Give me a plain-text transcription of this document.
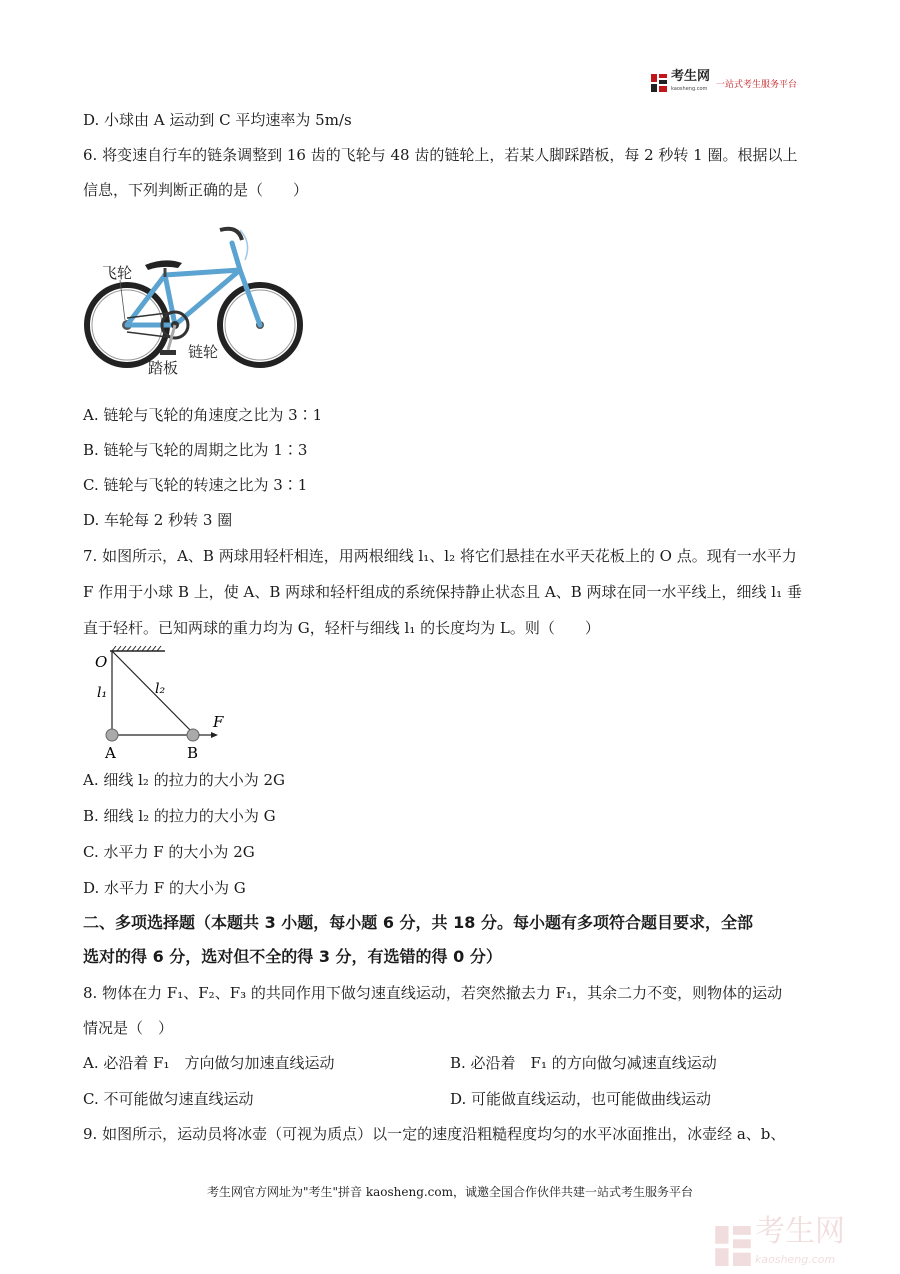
考生网
kaosheng.com 一站式考生服务平台
D. 小球由 A 运动到 C 平均速率为 5m/s
6. 将变速自行车的链条调整到 16 齿的飞轮与 48 齿的链轮上，若某人脚踩踏板，每 2 秒转 1 圈。根据以上
信息，下列判断正确的是（　　）
飞轮
链轮
踏板
A. 链轮与飞轮的角速度之比为 3∶1
B. 链轮与飞轮的周期之比为 1∶3
C. 链轮与飞轮的转速之比为 3∶1
D. 车轮每 2 秒转 3 圈
7. 如图所示，A、B 两球用轻杆相连，用两根细线 l₁、l₂ 将它们悬挂在水平天花板上的 O 点。现有一水平力
F 作用于小球 B 上，使 A、B 两球和轻杆组成的系统保持静止状态且 A、B 两球在同一水平线上，细线 l₁ 垂
直于轻杆。已知两球的重力均为 G，轻杆与细线 l₁ 的长度均为 L。则（　　）
O
l₁	l₂
F
A	B
A. 细线 l₂ 的拉力的大小为 2G
B. 细线 l₂ 的拉力的大小为 G
C. 水平力 F 的大小为 2G
D. 水平力 F 的大小为 G
二、多项选择题（本题共 3 小题，每小题 6 分，共 18 分。每小题有多项符合题目要求，全部
选对的得 6 分，选对但不全的得 3 分，有选错的得 0 分）
8. 物体在力 F₁、F₂、F₃ 的共同作用下做匀速直线运动，若突然撤去力 F₁，其余二力不变，则物体的运动
情况是（　）
A. 必沿着 F₁　方向做匀加速直线运动	B. 必沿着　F₁ 的方向做匀减速直线运动
C. 不可能做匀速直线运动	D. 可能做直线运动，也可能做曲线运动
9. 如图所示，运动员将冰壶（可视为质点）以一定的速度沿粗糙程度均匀的水平冰面推出，冰壶经 a、b、
考生网官方网址为"考生"拼音 kaosheng.com，诚邀全国合作伙伴共建一站式考生服务平台
考生网
kaosheng.com
